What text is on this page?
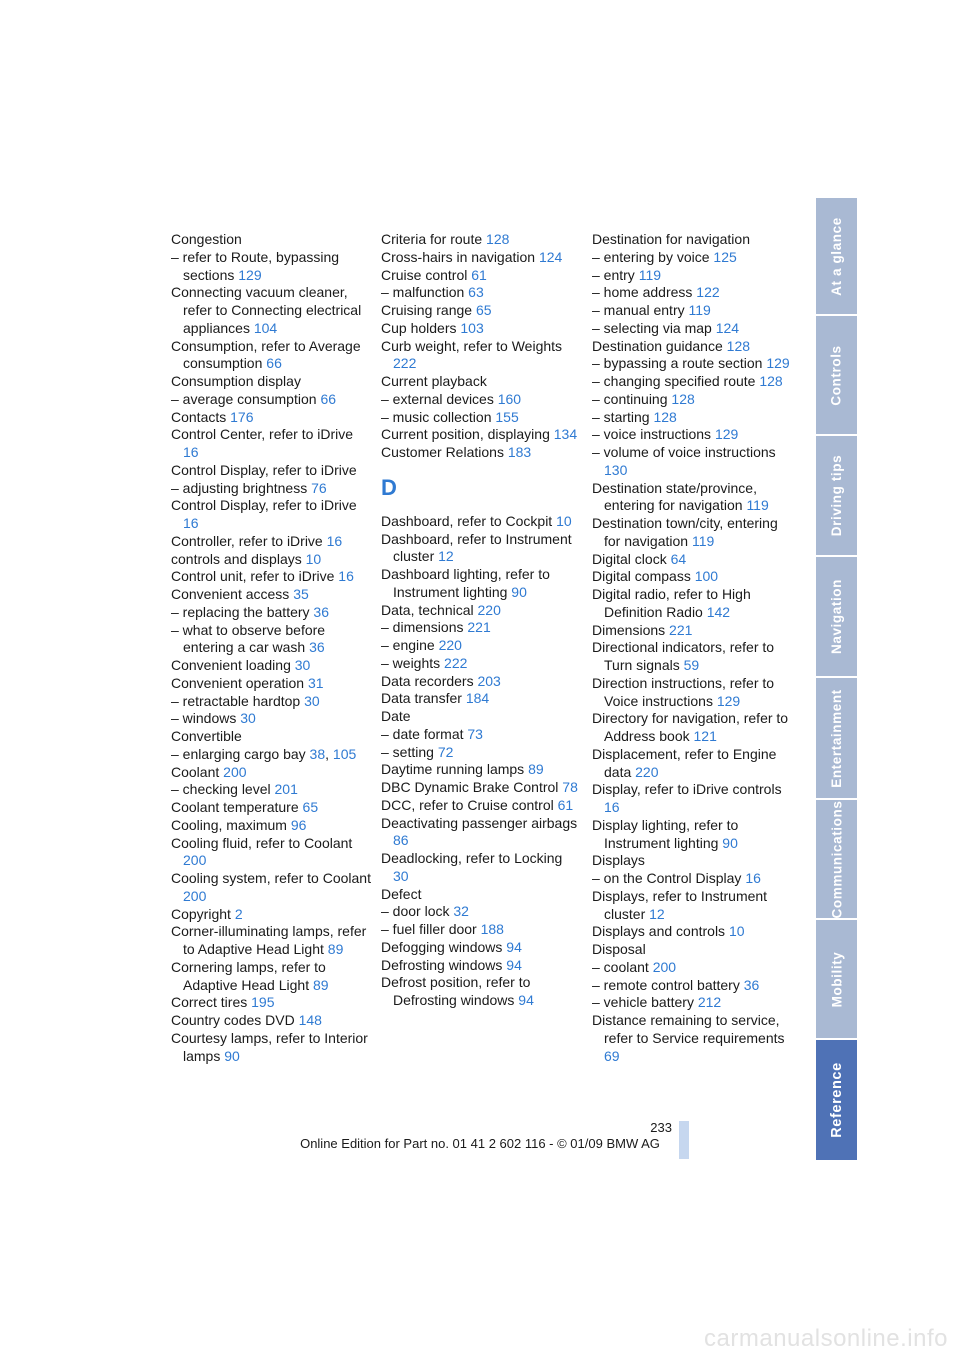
Congestion
– refer to Route, bypassing sections 129
Connecting vacuum cleaner, refer to Connecting electrical appliances 104
Consumption, refer to Average consumption 66
Consumption display
– average consumption 66
Contacts 176
Control Center, refer to iDrive 16
Control Display, refer to iDrive
– adjusting brightness 76
Control Display, refer to iDrive 16
Controller, refer to iDrive 16
controls and displays 10
Control unit, refer to iDrive 16
Convenient access 35
– replacing the battery 36
– what to observe before entering a car wash 36
Convenient loading 30
Convenient operation 31
– retractable hardtop 30
– windows 30
Convertible
– enlarging cargo bay 38, 105
Coolant 200
– checking level 201
Coolant temperature 65
Cooling, maximum 96
Cooling fluid, refer to Coolant 200
Cooling system, refer to Coolant 200
Copyright 2
Corner-illuminating lamps, refer to Adaptive Head Light 89
Cornering lamps, refer to Adaptive Head Light 89
Correct tires 195
Country codes DVD 148
Courtesy lamps, refer to Interior lamps 90
Criteria for route 128
Cross-hairs in navigation 124
Cruise control 61
– malfunction 63
Cruising range 65
Cup holders 103
Curb weight, refer to Weights 222
Current playback
– external devices 160
– music collection 155
Current position, displaying 134
Customer Relations 183
D
Dashboard, refer to Cockpit 10
Dashboard, refer to Instrument cluster 12
Dashboard lighting, refer to Instrument lighting 90
Data, technical 220
– dimensions 221
– engine 220
– weights 222
Data recorders 203
Data transfer 184
Date
– date format 73
– setting 72
Daytime running lamps 89
DBC Dynamic Brake Control 78
DCC, refer to Cruise control 61
Deactivating passenger airbags 86
Deadlocking, refer to Locking 30
Defect
– door lock 32
– fuel filler door 188
Defogging windows 94
Defrosting windows 94
Defrost position, refer to Defrosting windows 94
Destination for navigation
– entering by voice 125
– entry 119
– home address 122
– manual entry 119
– selecting via map 124
Destination guidance 128
– bypassing a route section 129
– changing specified route 128
– continuing 128
– starting 128
– voice instructions 129
– volume of voice instructions 130
Destination state/province, entering for navigation 119
Destination town/city, entering for navigation 119
Digital clock 64
Digital compass 100
Digital radio, refer to High Definition Radio 142
Dimensions 221
Directional indicators, refer to Turn signals 59
Direction instructions, refer to Voice instructions 129
Directory for navigation, refer to Address book 121
Displacement, refer to Engine data 220
Display, refer to iDrive controls 16
Display lighting, refer to Instrument lighting 90
Displays
– on the Control Display 16
Displays, refer to Instrument cluster 12
Displays and controls 10
Disposal
– coolant 200
– remote control battery 36
– vehicle battery 212
Distance remaining to service, refer to Service requirements 69
At a glance
Controls
Driving tips
Navigation
Entertainment
Communications
Mobility
Reference
233
Online Edition for Part no. 01 41 2 602 116 - © 01/09 BMW AG
carmanualsonline.info
